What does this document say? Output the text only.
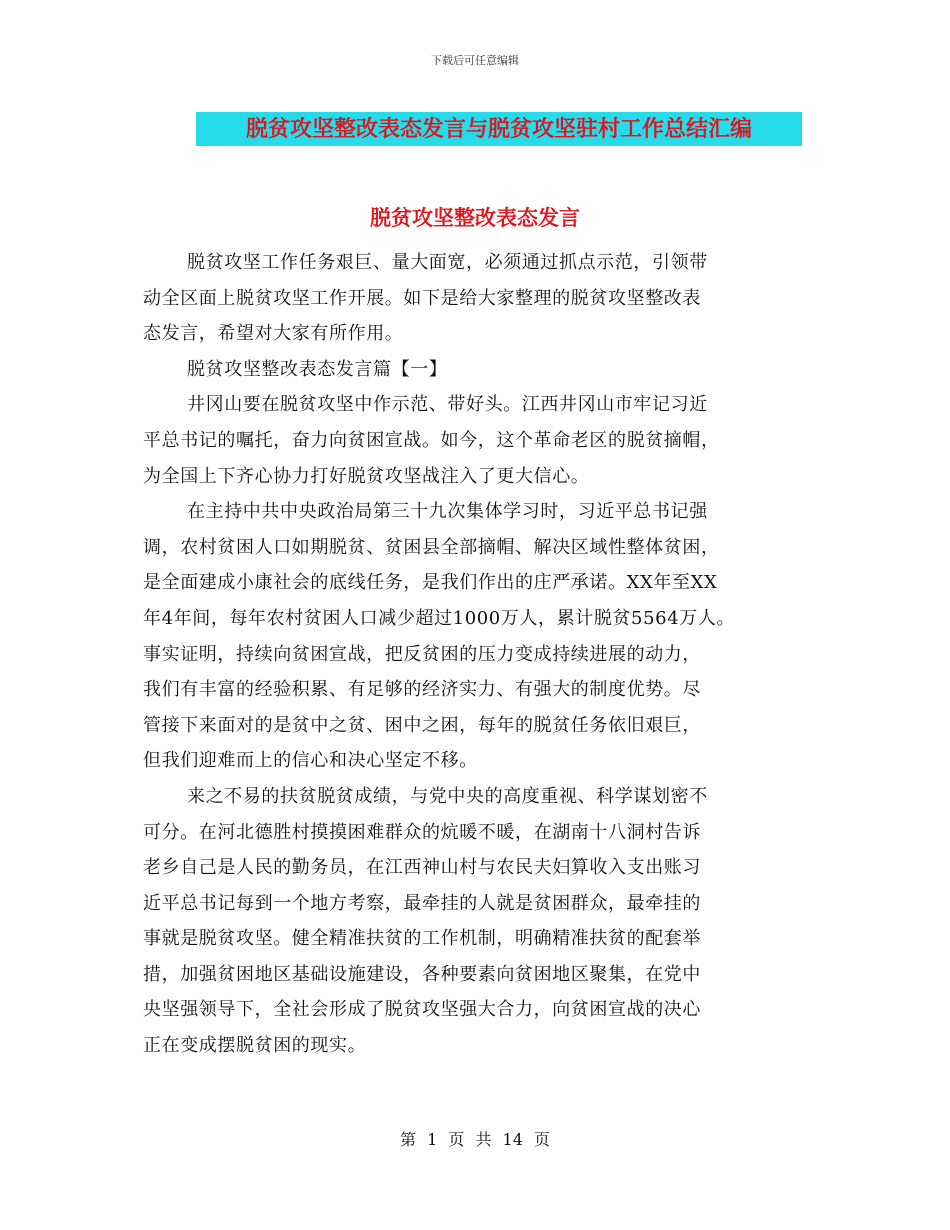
下载后可任意编辑
脱贫攻坚整改表态发言与脱贫攻坚驻村工作总结汇编
脱贫攻坚整改表态发言
脱贫攻坚工作任务艰巨、量大面宽，必须通过抓点示范，引领带
动全区面上脱贫攻坚工作开展。如下是给大家整理的脱贫攻坚整改表
态发言，希望对大家有所作用。
脱贫攻坚整改表态发言篇【一】
井冈山要在脱贫攻坚中作示范、带好头。江西井冈山市牢记习近
平总书记的嘱托，奋力向贫困宣战。如今，这个革命老区的脱贫摘帽，
为全国上下齐心协力打好脱贫攻坚战注入了更大信心。
在主持中共中央政治局第三十九次集体学习时，习近平总书记强
调，农村贫困人口如期脱贫、贫困县全部摘帽、解决区域性整体贫困，
是全面建成小康社会的底线任务，是我们作出的庄严承诺。XX年至XX
年4年间，每年农村贫困人口减少超过1000万人，累计脱贫5564万人。
事实证明，持续向贫困宣战，把反贫困的压力变成持续进展的动力，
我们有丰富的经验积累、有足够的经济实力、有强大的制度优势。尽
管接下来面对的是贫中之贫、困中之困，每年的脱贫任务依旧艰巨，
但我们迎难而上的信心和决心坚定不移。
来之不易的扶贫脱贫成绩，与党中央的高度重视、科学谋划密不
可分。在河北德胜村摸摸困难群众的炕暖不暖，在湖南十八洞村告诉
老乡自己是人民的勤务员，在江西神山村与农民夫妇算收入支出账习
近平总书记每到一个地方考察，最牵挂的人就是贫困群众，最牵挂的
事就是脱贫攻坚。健全精准扶贫的工作机制，明确精准扶贫的配套举
措，加强贫困地区基础设施建设，各种要素向贫困地区聚集，在党中
央坚强领导下，全社会形成了脱贫攻坚强大合力，向贫困宣战的决心
正在变成摆脱贫困的现实。
第 1 页 共 14 页
